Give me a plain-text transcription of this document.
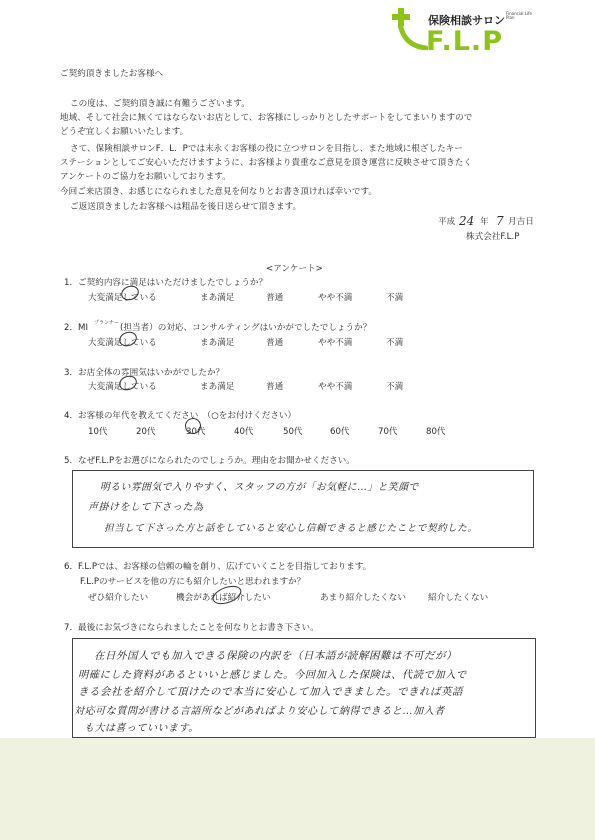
保険相談サロン
F.L.P
Financial Life Plan
ご契約頂きましたお客様へ
この度は、ご契約頂き誠に有難うございます。
地域、そして社会に無くてはならないお店として、お客様にしっかりとしたサポートをしてまいりますので
どうぞ宜しくお願いいたします。
さて、保険相談サロンF．L．Pでは末永くお客様の役に立つサロンを目指し、また地域に根ざしたキー
ステーションとしてご安心いただけますように、お客様より貴重なご意見を頂き運営に反映させて頂きたく
アンケートのご協力をお願いしております。
今回ご来店頂き、お感じになられました意見を何なりとお書き頂ければ幸いです。
ご返送頂きましたお客様へは粗品を後日送らせて頂きます。
平成 24 年 7 月吉日
株式会社F.L.P
<アンケート>
1．ご契約内容に満足はいただけましたでしょうか？
大変満足している	まあ満足	普通	やや不満	不満
2．MI プランナー (担当者）の対応、コンサルティングはいかがでしたでしょうか？
大変満足している	まあ満足	普通	やや不満	不満
3．お店全体の雰囲気はいかがでしたか？
大変満足している	まあ満足	普通	やや不満	不満
4．お客様の年代を教えてください　（○をお付けください）
10代	20代	30代	40代	50代	60代	70代	80代
5．なぜF.L.Pをお選びになられたのでしょうか。理由をお聞かせください。
明るい雰囲気で入りやすく、スタッフの方が「お気軽に…」と笑顔で
声掛けをして下さった為
担当して下さった方と話をしていると安心し信頼できると感じたことで契約した。
6．F.L.Pでは、お客様の信頼の輪を創り、広げていくことを目指しております。
F.L.Pのサービスを他の方にも紹介したいと思われますか？
ぜひ紹介したい	機会があれば紹介したい	あまり紹介したくない	紹介したくない
7．最後にお気づきになられましたことを何なりとお書き下さい。
在日外国人でも加入できる保険の内訳を（日本語が読解困難は不可だが）
明確にした資料があるといいと感じました。今回加入した保険は、代読で加入で
きる会社を紹介して頂けたので本当に安心して加入できました。できれば英語
対応可な質問が書ける言語所などがあればより安心して納得できると…加入者
も大は喜っていいます。
